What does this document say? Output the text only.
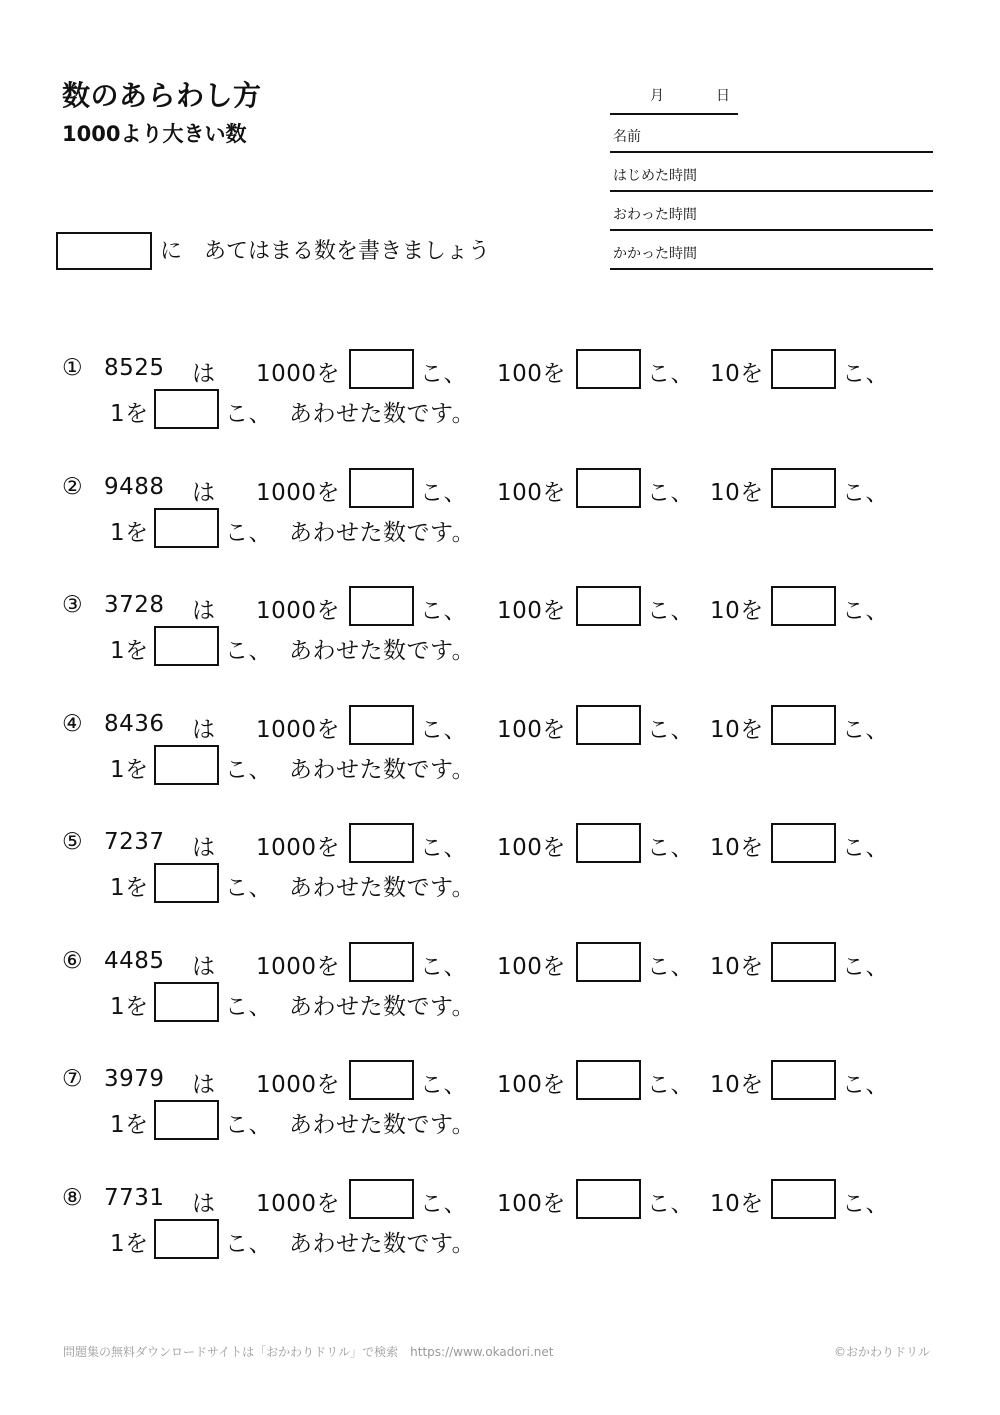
数のあらわし方
1000より大きい数
に　あてはまる数を書きましょう
月	日
名前
はじめた時間
おわった時間
かかった時間
① 8525 は 1000を	こ、 100を	こ、 10を	こ、
1を	こ、 あわせた数です。
② 9488 は 1000を	こ、 100を	こ、 10を	こ、
1を	こ、 あわせた数です。
③ 3728 は 1000を	こ、 100を	こ、 10を	こ、
1を	こ、 あわせた数です。
④ 8436 は 1000を	こ、 100を	こ、 10を	こ、
1を	こ、 あわせた数です。
⑤ 7237 は 1000を	こ、 100を	こ、 10を	こ、
1を	こ、 あわせた数です。
⑥ 4485 は 1000を	こ、 100を	こ、 10を	こ、
1を	こ、 あわせた数です。
⑦ 3979 は 1000を	こ、 100を	こ、 10を	こ、
1を	こ、 あわせた数です。
⑧ 7731 は 1000を	こ、 100を	こ、 10を	こ、
1を	こ、 あわせた数です。
問題集の無料ダウンロードサイトは「おかわりドリル」で検索　https://www.okadori.net	©おかわりドリル
